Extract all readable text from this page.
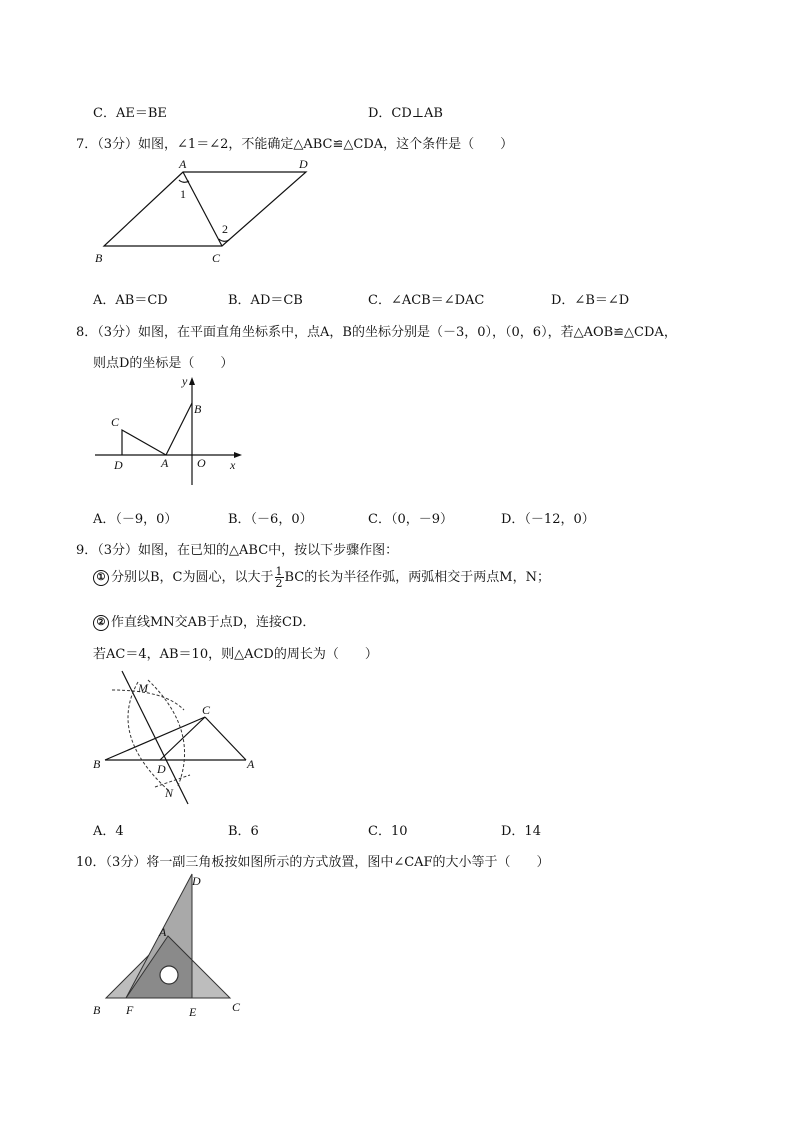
C．AE＝BE	D．CD⊥AB
7．（3分）如图，∠1＝∠2，不能确定△ABC≌△CDA，这个条件是（　　）
A	D
B	C
1
2
A．AB＝CD	B．AD＝CB	C．∠ACB＝∠DAC	D．∠B＝∠D
8．（3分）如图，在平面直角坐标系中，点A，B的坐标分别是（－3，0），（0，6），若△AOB≌△CDA，
则点D的坐标是（　　）
y
x
O
A
B
C
D
A．（－9，0）	B．（－6，0）	C．（0，－9）	D．（－12，0）
9．（3分）如图，在已知的△ABC中，按以下步骤作图：
① 分别以B，C为圆心，以大于 $\frac{1}{2}$ BC的长为半径作弧，两弧相交于两点M，N；
② 作直线MN交AB于点D，连接CD．
若AC＝4，AB＝10，则△ACD的周长为（　　）
M
N
B
C
D	A
A．4	B．6	C．10	D．14
10．（3分）将一副三角板按如图所示的方式放置，图中∠CAF的大小等于（　　）
D
A
B F	E	C
